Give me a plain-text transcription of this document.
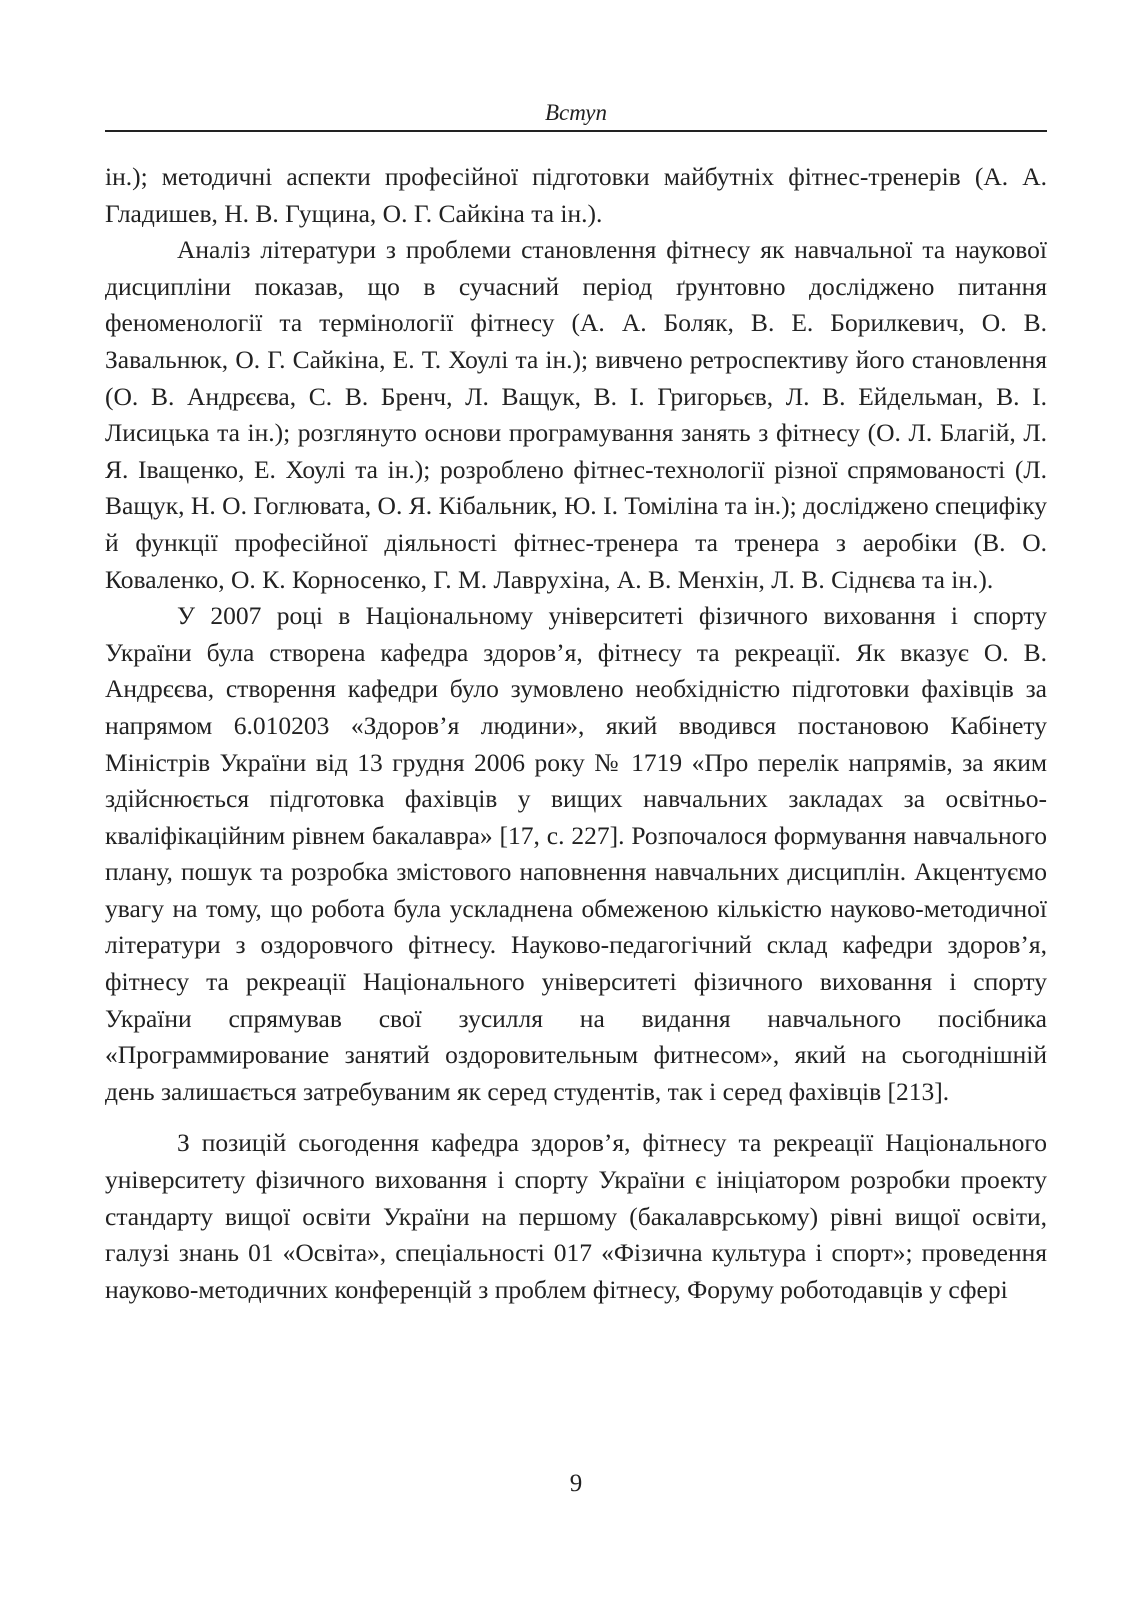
Вступ

ін.); методичні аспекти професійної підготовки майбутніх фітнес-тренерів (А. А. Гладишев, Н. В. Гущина, О. Г. Сайкіна та ін.).

Аналіз літератури з проблеми становлення фітнесу як навчальної та наукової дисципліни показав, що в сучасний період ґрунтовно досліджено питання феноменології та термінології фітнесу (А. А. Боляк, В. Е. Борилкевич, О. В. Завальнюк, О. Г. Сайкіна, Е. Т. Хоулі та ін.); вивчено ретроспективу його становлення (О. В. Андрєєва, С. В. Бренч, Л. Ващук, В. І. Григорьєв, Л. В. Ейдельман, В. І. Лисицька та ін.); розглянуто основи програмування занять з фітнесу (О. Л. Благій, Л. Я. Іващенко, Е. Хоулі та ін.); розроблено фітнес-технології різної спрямованості (Л. Ващук, Н. О. Гоглювата, О. Я. Кібальник, Ю. І. Томіліна та ін.); досліджено специфіку й функції професійної діяльності фітнес-тренера та тренера з аеробіки (В. О. Коваленко, О. К. Корносенко, Г. М. Лаврухіна, А. В. Менхін, Л. В. Сіднєва та ін.).

У 2007 році в Національному університеті фізичного виховання і спорту України була створена кафедра здоров’я, фітнесу та рекреації. Як вказує О. В. Андрєєва, створення кафедри було зумовлено необхідністю підготовки фахівців за напрямом 6.010203 «Здоров’я людини», який вводився постановою Кабінету Міністрів України від 13 грудня 2006 року № 1719 «Про перелік напрямів, за яким здійснюється підготовка фахівців у вищих навчальних закладах за освітньо-кваліфікаційним рівнем бакалавра» [17, с. 227]. Розпочалося формування навчального плану, пошук та розробка змістового наповнення навчальних дисциплін. Акцентуємо увагу на тому, що робота була ускладнена обмеженою кількістю науково-методичної літератури з оздоровчого фітнесу. Науково-педагогічний склад кафедри здоров’я, фітнесу та рекреації Національного університеті фізичного виховання і спорту України спрямував свої зусилля на видання навчального посібника «Программирование занятий оздоровительным фитнесом», який на сьогоднішній день залишається затребуваним як серед студентів, так і серед фахівців [213].

З позицій сьогодення кафедра здоров’я, фітнесу та рекреації Національного університету фізичного виховання і спорту України є ініціатором розробки проекту стандарту вищої освіти України на першому (бакалаврському) рівні вищої освіти, галузі знань 01 «Освіта», спеціальності 017 «Фізична культура і спорт»; проведення науково-методичних конференцій з проблем фітнесу, Форуму роботодавців у сфері

9
